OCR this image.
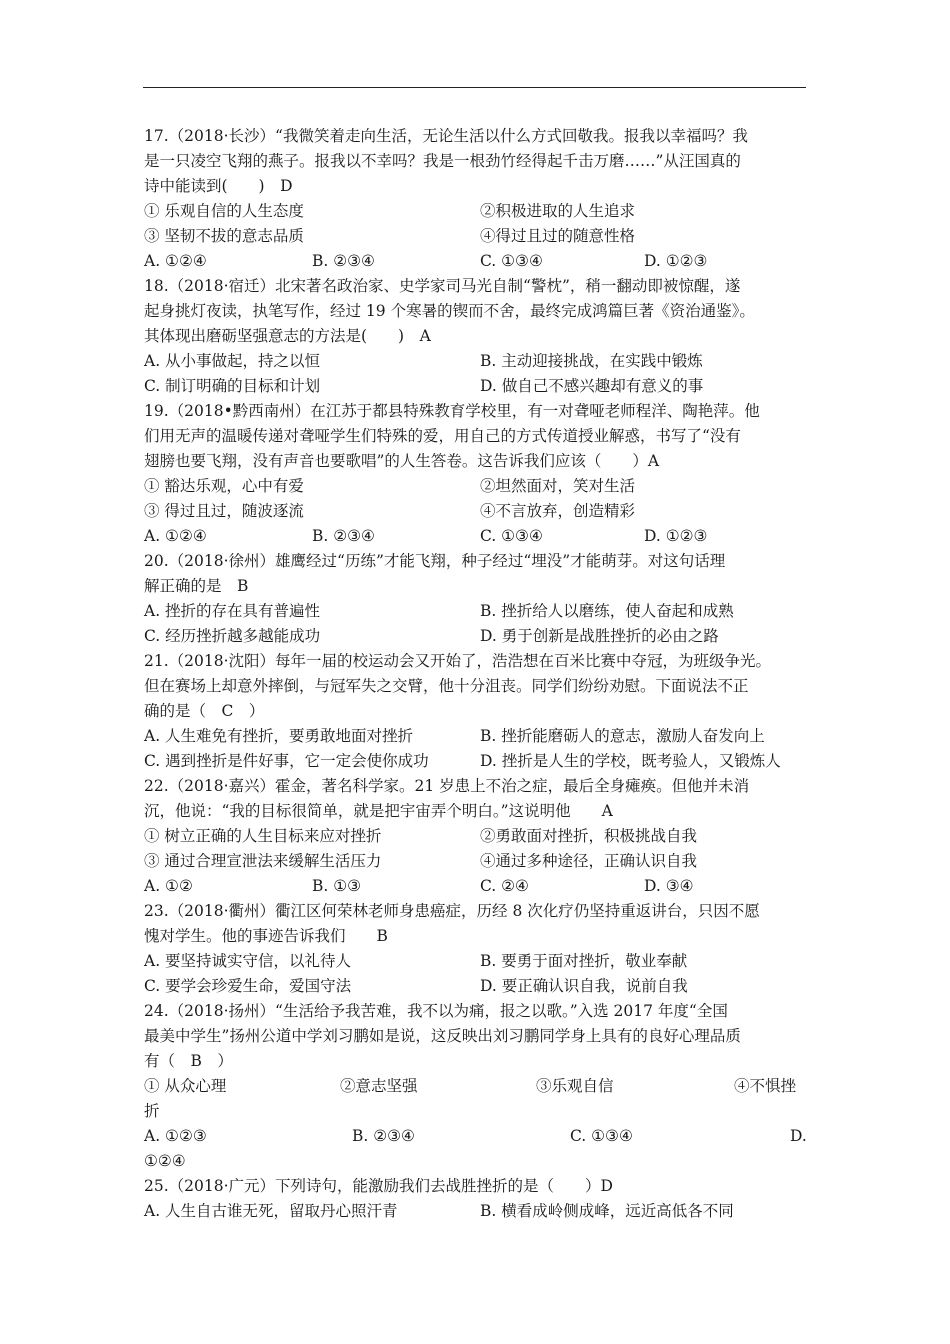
17.（2018·长沙）“我微笑着走向生活，无论生活以什么方式回敬我。报我以幸福吗？我
是一只凌空飞翔的燕子。报我以不幸吗？我是一根劲竹经得起千击万磨……”从汪国真的
诗中能读到(　　)　D
① 乐观自信的人生态度	②积极进取的人生追求
③ 坚韧不拔的意志品质	④得过且过的随意性格
A. ①②④	B. ②③④	C. ①③④	D. ①②③
18.（2018·宿迁）北宋著名政治家、史学家司马光自制“警枕”，稍一翻动即被惊醒，遂
起身挑灯夜读，执笔写作，经过 19 个寒暑的锲而不舍，最终完成鸿篇巨著《资治通鉴》。
其体现出磨砺坚强意志的方法是(　　)　A
A. 从小事做起，持之以恒	B. 主动迎接挑战，在实践中锻炼
C. 制订明确的目标和计划	D. 做自己不感兴趣却有意义的事
19.（2018•黔西南州）在江苏于都县特殊教育学校里，有一对聋哑老师程洋、陶艳萍。他
们用无声的温暖传递对聋哑学生们特殊的爱，用自己的方式传道授业解惑，书写了“没有
翅膀也要飞翔，没有声音也要歌唱”的人生答卷。这告诉我们应该（　　）A
① 豁达乐观，心中有爱	②坦然面对，笑对生活
③ 得过且过，随波逐流	④不言放弃，创造精彩
A. ①②④	B. ②③④	C. ①③④	D. ①②③
20.（2018·徐州）雄鹰经过“历练”才能飞翔，种子经过“埋没”才能萌芽。对这句话理
解正确的是　B
A. 挫折的存在具有普遍性	B. 挫折给人以磨练，使人奋起和成熟
C. 经历挫折越多越能成功	D. 勇于创新是战胜挫折的必由之路
21.（2018·沈阳）每年一届的校运动会又开始了，浩浩想在百米比赛中夺冠，为班级争光。
但在赛场上却意外摔倒，与冠军失之交臂，他十分沮丧。同学们纷纷劝慰。下面说法不正
确的是（　C　）
A. 人生难免有挫折，要勇敢地面对挫折	B. 挫折能磨砺人的意志，激励人奋发向上
C. 遇到挫折是件好事，它一定会使你成功	D. 挫折是人生的学校，既考验人，又锻炼人
22.（2018·嘉兴）霍金，著名科学家。21 岁患上不治之症，最后全身瘫痪。但他并未消
沉，他说：“我的目标很简单，就是把宇宙弄个明白。”这说明他　　A
① 树立正确的人生目标来应对挫折	②勇敢面对挫折，积极挑战自我
③ 通过合理宣泄法来缓解生活压力	④通过多种途径，正确认识自我
A. ①②	B. ①③	C. ②④	D. ③④
23.（2018·衢州）衢江区何荣林老师身患癌症，历经 8 次化疗仍坚持重返讲台，只因不愿
愧对学生。他的事迹告诉我们　　B
A. 要坚持诚实守信，以礼待人	B. 要勇于面对挫折，敬业奉献
C. 要学会珍爱生命，爱国守法	D. 要正确认识自我，说前自我
24.（2018·扬州）“生活给予我苦难，我不以为痛，报之以歌。”入选 2017 年度“全国
最美中学生”扬州公道中学刘习鹏如是说，这反映出刘习鹏同学身上具有的良好心理品质
有（　B　）
① 从众心理	②意志坚强	③乐观自信	④不惧挫
折
A. ①②③	B. ②③④	C. ①③④	D.
①②④
25.（2018·广元）下列诗句，能激励我们去战胜挫折的是（　　）D
A. 人生自古谁无死，留取丹心照汗青	B. 横看成岭侧成峰，远近高低各不同
